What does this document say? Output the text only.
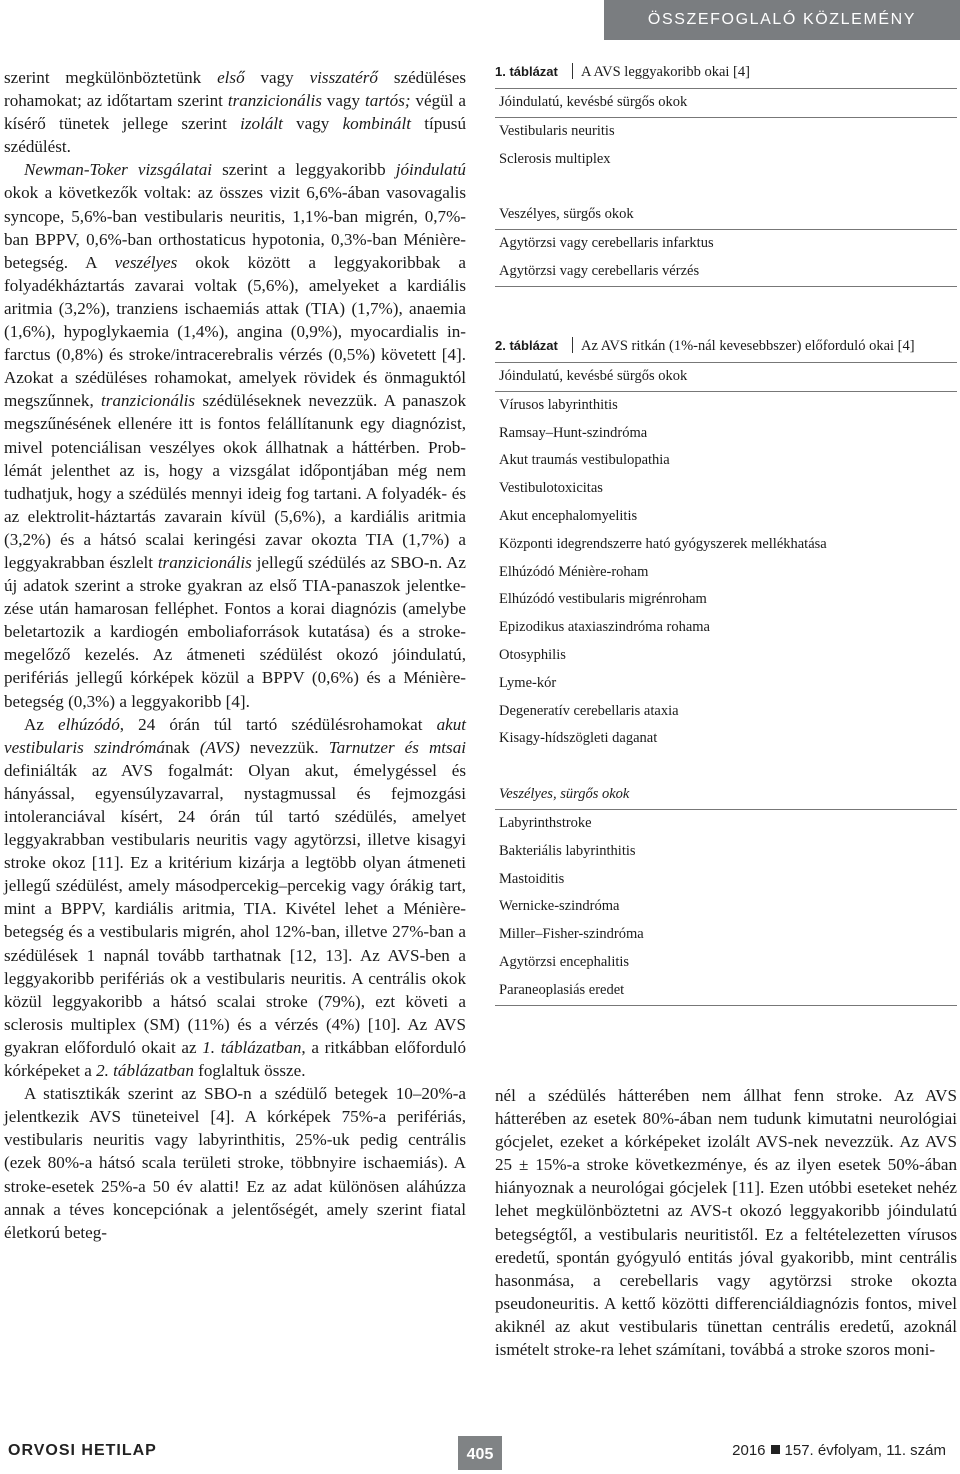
ÖSSZEFOGLALÓ KÖZLEMÉNY

szerint megkülönböztetünk első vagy visszatérő szédüléses rohamokat; az időtartam szerint tranzicionális vagy tartós; végül a kísérő tünetek jellege szerint izolált vagy kombinált típusú szédülést.

Newman-Toker vizsgálatai szerint a leggyakoribb jóindulatú okok a következők voltak: az összes vizit 6,6%-ában vasovagalis syncope, 5,6%-ban vestibularis neuritis, 1,1%-ban migrén, 0,7%-ban BPPV, 0,6%-ban orthostaticus hypotonia, 0,3%-ban Ménière-betegség. A veszélyes okok között a leggyakoribbak a folyadékháztartás zavarai voltak (5,6%), amelyeket a kardiális aritmia (3,2%), tranziens ischaemiás attak (TIA) (1,7%), anaemia (1,6%), hypoglykaemia (1,4%), angina (0,9%), myocardialis infarctus (0,8%) és stroke/intracerebralis vérzés (0,5%) követett [4]. Azokat a szédüléses rohamokat, amelyek rövidek és önmaguktól megszűnnek, tranzicionális szédüléseknek nevezzük. A panaszok megszűnésének ellenére itt is fontos felállítanunk egy diagnózist, mivel potenciálisan veszélyes okok állhatnak a háttérben. Problémát jelenthet az is, hogy a vizsgálat időpontjában még nem tudhatjuk, hogy a szédülés mennyi ideig fog tartani. A folyadék- és az elektrolit-háztartás zavarain kívül (5,6%), a kardiális aritmia (3,2%) és a hátsó scalai keringési zavar okozta TIA (1,7%) a leggyakrabban észlelt tranzicionális jellegű szédülés az SBO-n. Az új adatok szerint a stroke gyakran az első TIA-panaszok jelentkezése után hamarosan felléphet. Fontos a korai diagnózis (amelybe beletartozik a kardiogén emboliaforrások kutatása) és a stroke-megelőző kezelés. Az átmeneti szédülést okozó jóindulatú, perifériás jellegű kórképek közül a BPPV (0,6%) és a Ménière-betegség (0,3%) a leggyakoribb [4].

Az elhúzódó, 24 órán túl tartó szédülésrohamokat akut vestibularis szindrómának (AVS) nevezzük. Tarnutzer és mtsai definiálták az AVS fogalmát: Olyan akut, émelygéssel és hányással, egyensúlyzavarral, nystagmussal és fejmozgási intoleranciával kísért, 24 órán túl tartó szédülés, amelyet leggyakrabban vestibularis neuritis vagy agytörzsi, illetve kisagyi stroke okoz [11]. Ez a kritérium kizárja a legtöbb olyan átmeneti jellegű szédülést, amely másodpercekig–percekig vagy órákig tart, mint a BPPV, kardiális aritmia, TIA. Kivétel lehet a Ménière-betegség és a vestibularis migrén, ahol 12%-ban, illetve 27%-ban a szédülések 1 napnál tovább tarthatnak [12, 13]. Az AVS-ben a leggyakoribb perifériás ok a vestibularis neuritis. A centrális okok közül leggyakoribb a hátsó scalai stroke (79%), ezt követi a sclerosis multiplex (SM) (11%) és a vérzés (4%) [10]. Az AVS gyakran előforduló okait az 1. táblázatban, a ritkábban előforduló kórképeket a 2. táblázatban foglaltuk össze.

A statisztikák szerint az SBO-n a szédülő betegek 10–20%-a jelentkezik AVS tüneteivel [4]. A kórképek 75%-a perifériás, vestibularis neuritis vagy labyrinthitis, 25%-uk pedig centrális (ezek 80%-a hátsó scala területi stroke, többnyire ischaemiás). A stroke-esetek 25%-a 50 év alatti! Ez az adat különösen aláhúzza annak a téves koncepciónak a jelentőségét, amely szerint fiatal életkorú beteg-

1. táblázat A AVS leggyakoribb okai [4]
Jóindulatú, kevésbé sürgős okok
Vestibularis neuritis
Sclerosis multiplex
Veszélyes, sürgős okok
Agytörzsi vagy cerebellaris infarktus
Agytörzsi vagy cerebellaris vérzés
2. táblázat Az AVS ritkán (1%-nál kevesebbszer) előforduló okai [4]
Jóindulatú, kevésbé sürgős okok
Vírusos labyrinthitis
Ramsay–Hunt-szindróma
Akut traumás vestibulopathia
Vestibulotoxicitas
Akut encephalomyelitis
Központi idegrendszerre ható gyógyszerek mellékhatása
Elhúzódó Ménière-roham
Elhúzódó vestibularis migrénroham
Epizodikus ataxiaszindróma rohama
Otosyphilis
Lyme-kór
Degeneratív cerebellaris ataxia
Kisagy-hídszögleti daganat
Veszélyes, sürgős okok
Labyrinthstroke
Bakteriális labyrinthitis
Mastoiditis
Wernicke-szindróma
Miller–Fisher-szindróma
Agytörzsi encephalitis
Paraneoplasiás eredet

nél a szédülés hátterében nem állhat fenn stroke. Az AVS hátterében az esetek 80%-ában nem tudunk kimutatni neurológiai gócjelet, ezeket a kórképeket izolált AVS-nek nevezzük. Az AVS 25 ± 15%-a stroke következménye, és az ilyen esetek 50%-ában hiányoznak a neurológai gócjelek [11]. Ezen utóbbi eseteket nehéz lehet megkülönböztetni az AVS-t okozó leggyakoribb jóindulatú betegségtől, a vestibularis neuritistől. Ez a feltételezetten vírusos eredetű, spontán gyógyuló entitás jóval gyakoribb, mint centrális hasonmása, a cerebellaris vagy agytörzsi stroke okozta pseudoneuritis. A kettő közötti differenciáldiagnózis fontos, mivel akiknél az akut vestibularis tünettan centrális eredetű, azoknál ismételt stroke-ra lehet számítani, továbbá a stroke szoros moni-

ORVOSI HETILAP	405	2016 157. évfolyam, 11. szám
